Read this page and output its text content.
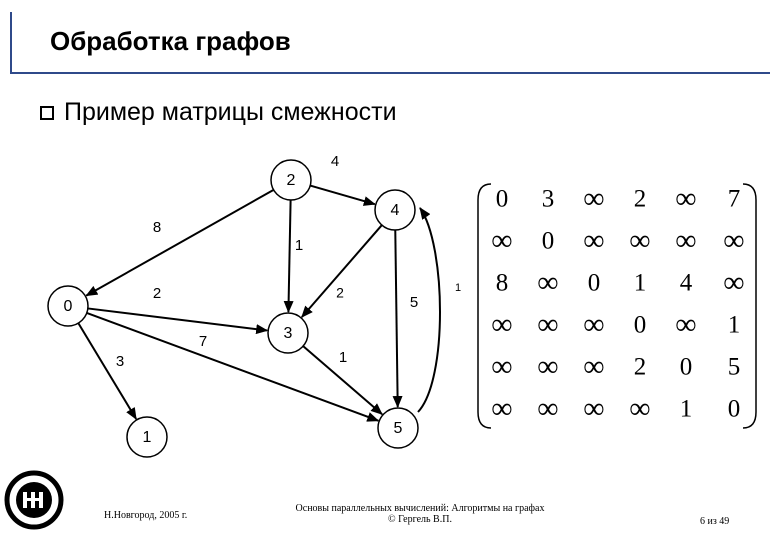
Обработка графов
Пример матрицы смежности
0
1
2
3
4
5
3
2
7
8
4
1
2
5
1
1
0 3 ∞ 2 ∞ 7
∞ 0 ∞ ∞ ∞ ∞
8 ∞ 0 1 4 ∞
∞ ∞ ∞ 0 ∞ 1
∞ ∞ ∞ 2 0 5
∞ ∞ ∞ ∞ 1 0
Н.Новгород, 2005 г.
Основы параллельных вычислений: Алгоритмы на графах
© Гергель В.П.	6 из 49
